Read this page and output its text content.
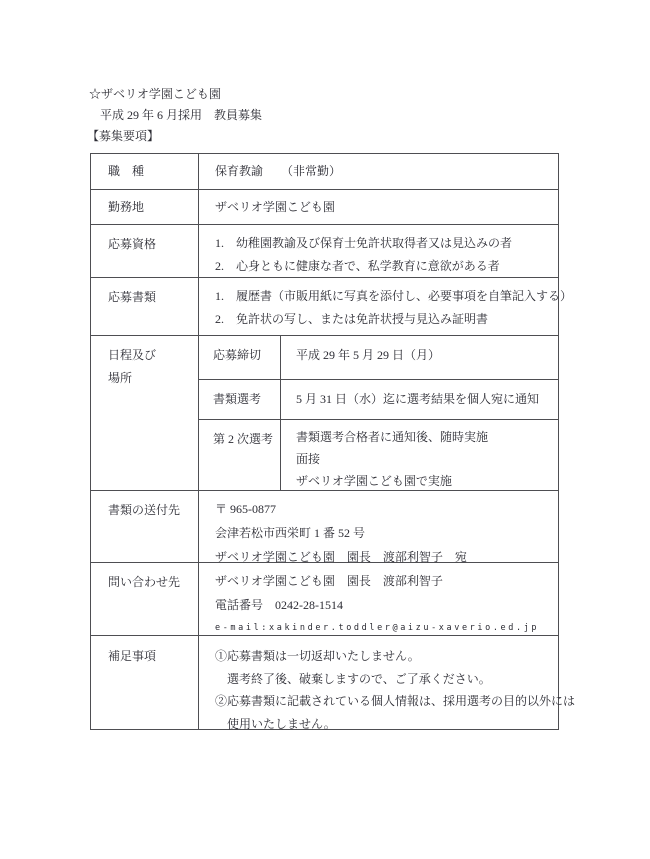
☆ザベリオ学園こども園
平成 29 年 6 月採用　教員募集
【募集要項】
職　種	保育教諭　　（非常勤）
勤務地	ザベリオ学園こども園
応募資格	1.　幼稚園教諭及び保育士免許状取得者又は見込みの者
2.　心身ともに健康な者で、私学教育に意欲がある者
応募書類	1.　履歴書（市販用紙に写真を添付し、必要事項を自筆記入する）
2.　免許状の写し、または免許状授与見込み証明書
日程及び
場所
応募締切	平成 29 年 5 月 29 日（月）
書類選考	5 月 31 日（水）迄に選考結果を個人宛に通知
第 2 次選考	書類選考合格者に通知後、随時実施
面接
ザベリオ学園こども園で実施
書類の送付先	〒 965-0877
会津若松市西栄町 1 番 52 号
ザベリオ学園こども園　園長　渡部利智子　宛
問い合わせ先	ザベリオ学園こども園　園長　渡部利智子
電話番号　0242-28-1514
e-mail:xakinder.toddler@aizu-xaverio.ed.jp
補足事項	①応募書類は一切返却いたしません。
選考終了後、破棄しますので、ご了承ください。
②応募書類に記載されている個人情報は、採用選考の目的以外には
使用いたしません。
